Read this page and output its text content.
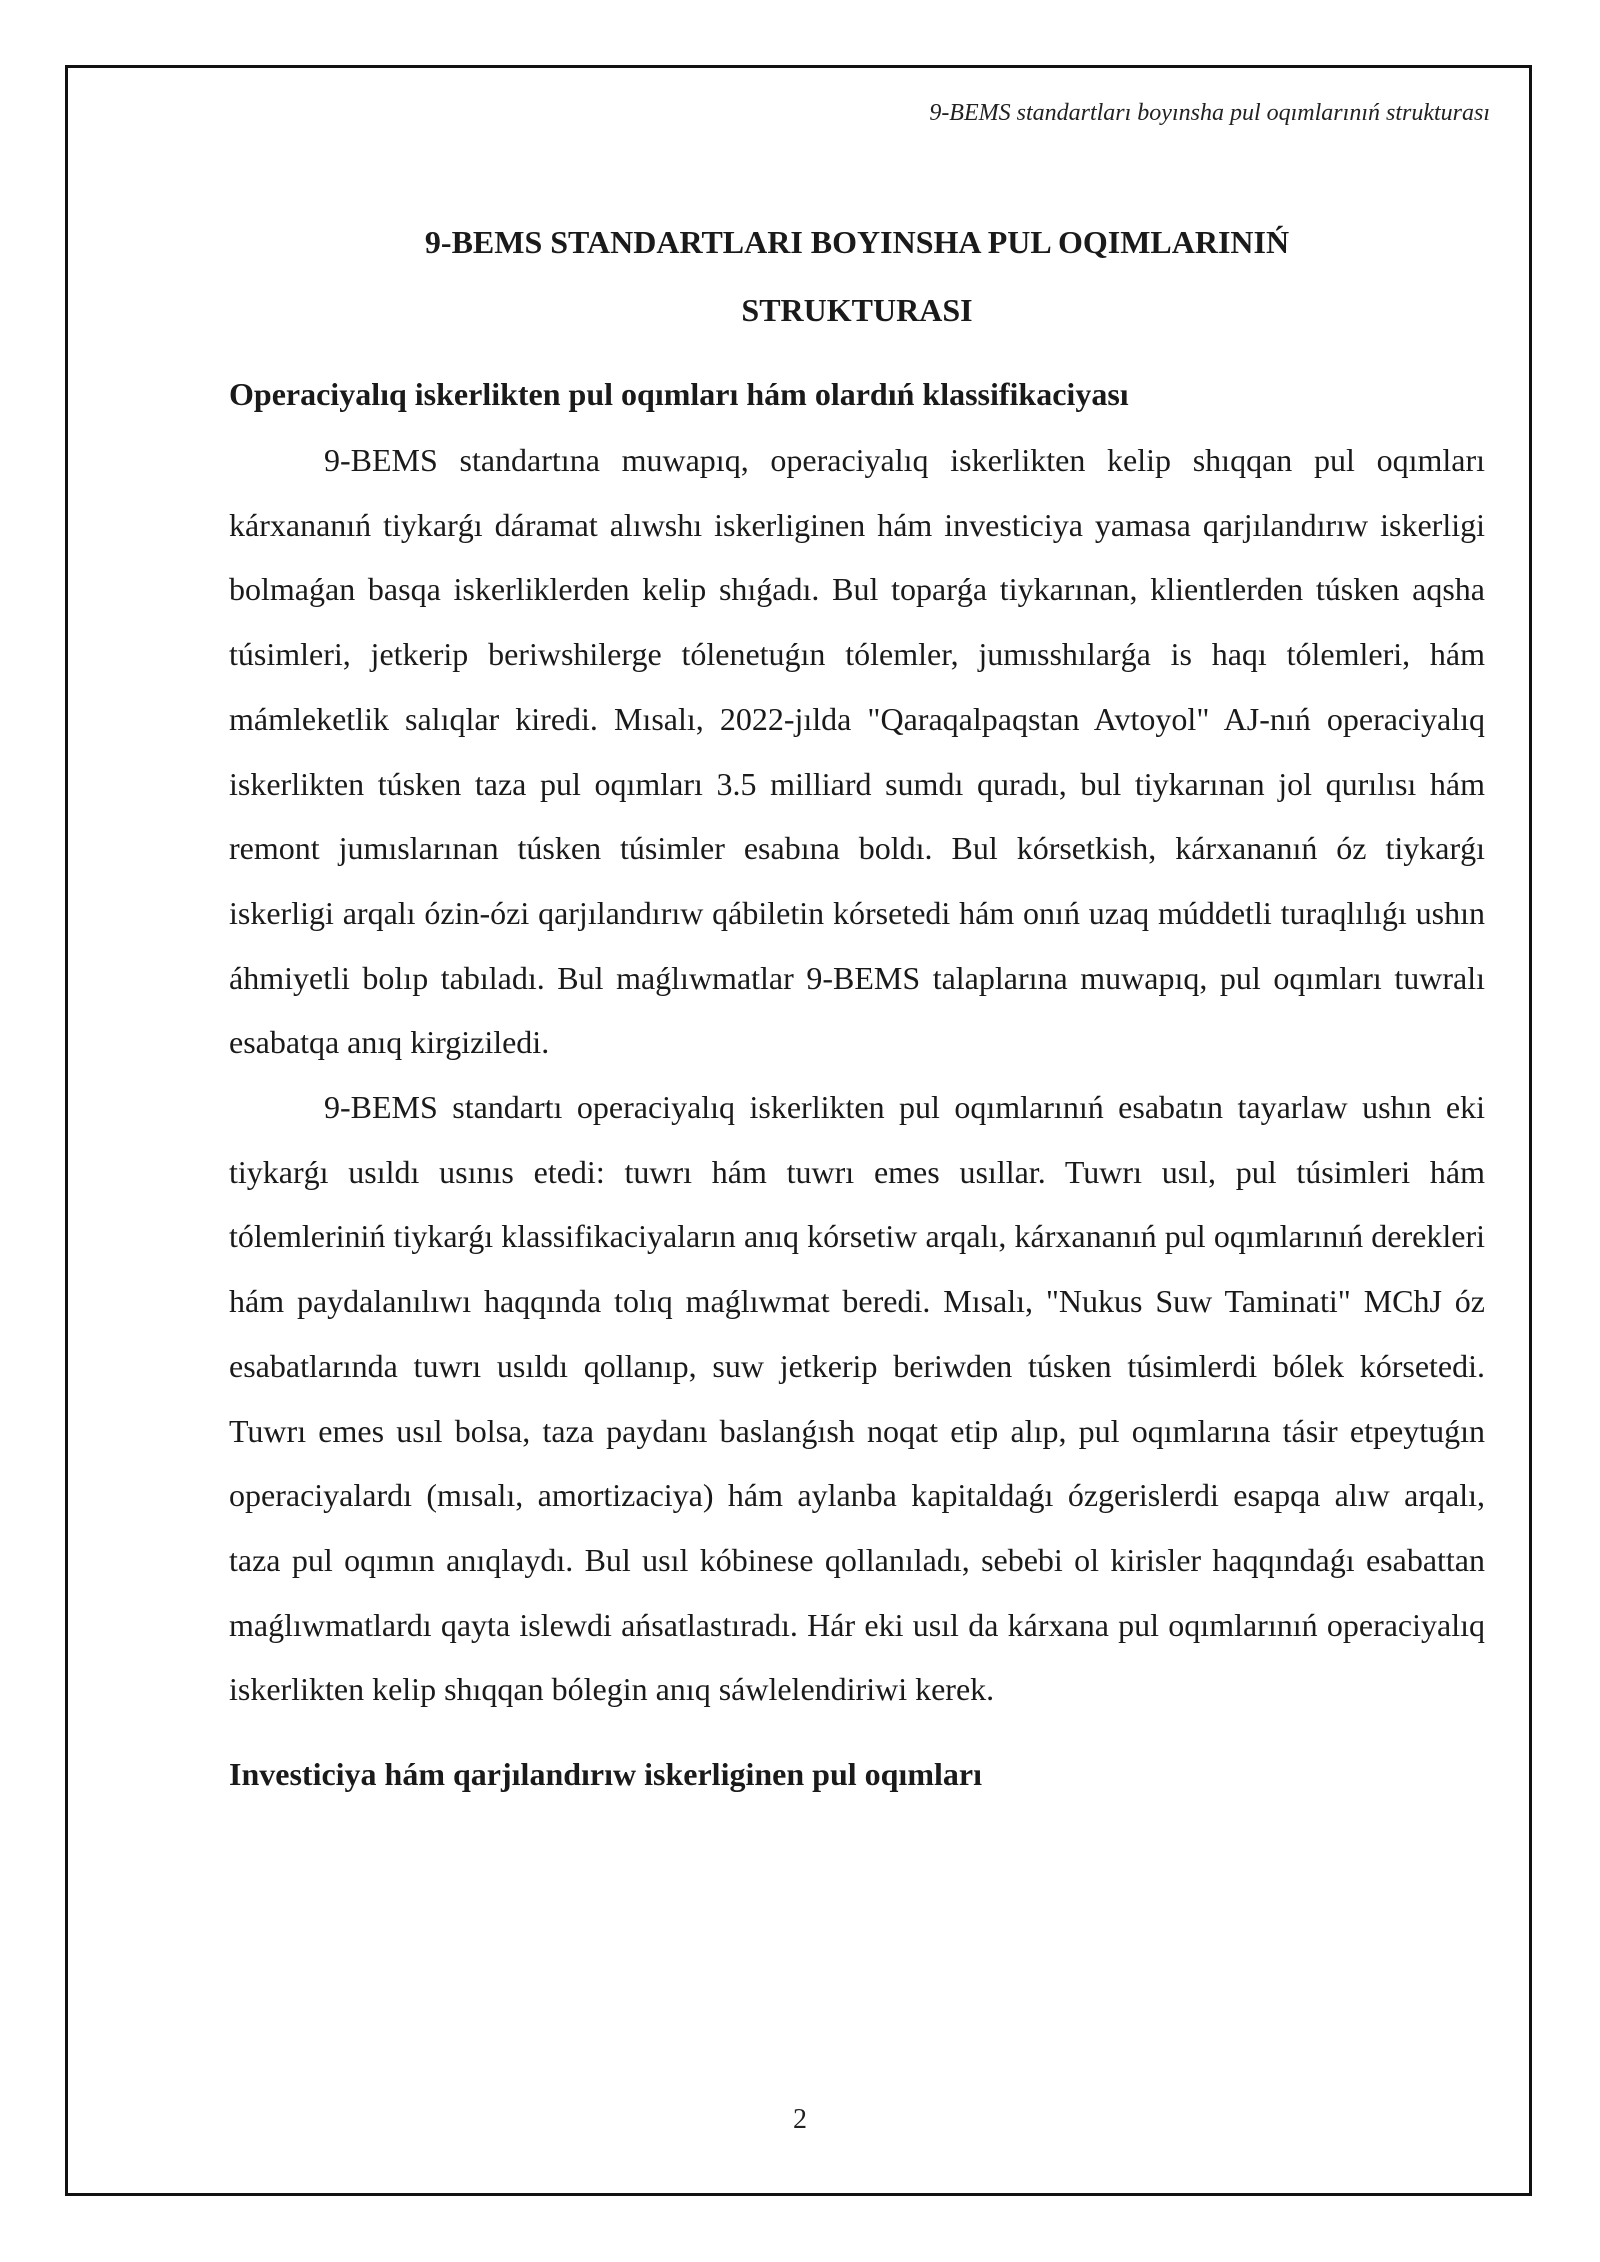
9-BEMS standartları boyınsha pul oqımlarınıń strukturası
9-BEMS STANDARTLARI BOYINSHA PUL OQIMLARINIŃ
STRUKTURASI
Operaciyalıq iskerlikten pul oqımları hám olardıń klassifikaciyası

9-BEMS standartına muwapıq, operaciyalıq iskerlikten kelip shıqqan pul oqımları kárxananıń tiykarǵı dáramat alıwshı iskerliginen hám investiciya yamasa qarjılandırıw iskerligi bolmaǵan basqa iskerliklerden kelip shıǵadı. Bul toparǵa tiykarınan, klientlerden túsken aqsha túsimleri, jetkerip beriwshilerge tólenetuǵın tólemler, jumısshılarǵa is haqı tólemleri, hám mámleketlik salıqlar kiredi. Mısalı, 2022-jılda "Qaraqalpaqstan Avtoyol" AJ-nıń operaciyalıq iskerlikten túsken taza pul oqımları 3.5 milliard sumdı quradı, bul tiykarınan jol qurılısı hám remont jumıslarınan túsken túsimler esabına boldı. Bul kórsetkish, kárxananıń óz tiykarǵı iskerligi arqalı ózin-ózi qarjılandırıw qábiletin kórsetedi hám onıń uzaq múddetli turaqlılıǵı ushın áhmiyetli bolıp tabıladı. Bul maǵlıwmatlar 9-BEMS talaplarına muwapıq, pul oqımları tuwralı esabatqa anıq kirgiziledi.

9-BEMS standartı operaciyalıq iskerlikten pul oqımlarınıń esabatın tayarlaw ushın eki tiykarǵı usıldı usınıs etedi: tuwrı hám tuwrı emes usıllar. Tuwrı usıl, pul túsimleri hám tólemleriniń tiykarǵı klassifikaciyaların anıq kórsetiw arqalı, kárxananıń pul oqımlarınıń derekleri hám paydalanılıwı haqqında tolıq maǵlıwmat beredi. Mısalı, "Nukus Suw Taminati" MChJ óz esabatlarında tuwrı usıldı qollanıp, suw jetkerip beriwden túsken túsimlerdi bólek kórsetedi. Tuwrı emes usıl bolsa, taza paydanı baslanǵısh noqat etip alıp, pul oqımlarına tásir etpeytuǵın operaciyalardı (mısalı, amortizaciya) hám aylanba kapitaldaǵı ózgerislerdi esapqa alıw arqalı, taza pul oqımın anıqlaydı. Bul usıl kóbinese qollanıladı, sebebi ol kirisler haqqındaǵı esabattan maǵlıwmatlardı qayta islewdi ańsatlastıradı. Hár eki usıl da kárxana pul oqımlarınıń operaciyalıq iskerlikten kelip shıqqan bólegin anıq sáwlelendiriwi kerek.

Investiciya hám qarjılandırıw iskerliginen pul oqımları
2
